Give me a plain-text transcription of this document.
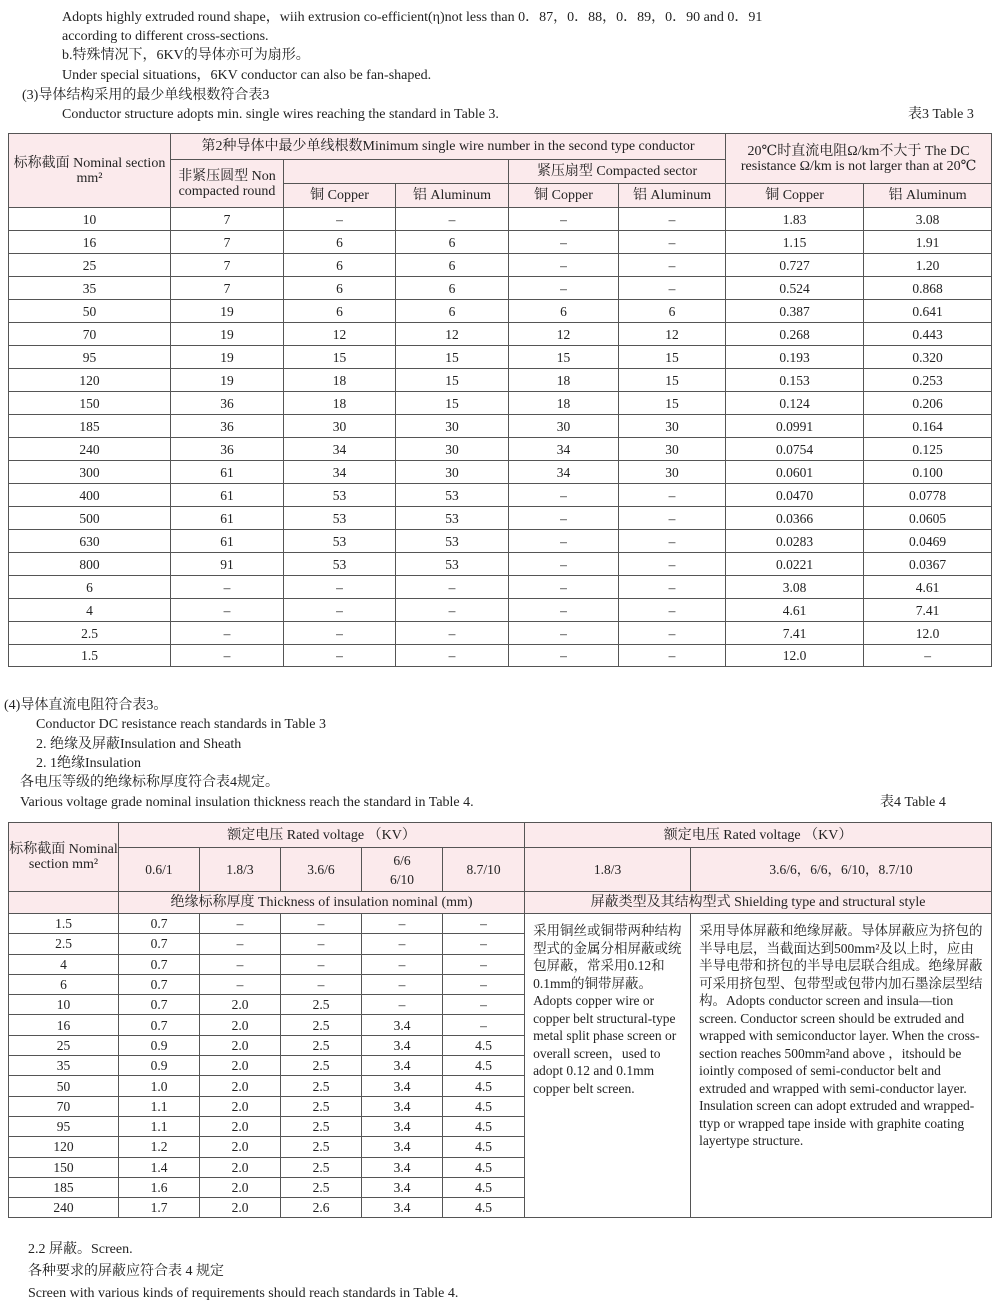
Adopts highly extruded round shape，wiih extrusion co-efficient(η)not less than 0．87，0．88，0．89，0．90 and 0．91
according to different cross-sections.
b.特殊情况下，6KV的导体亦可为扇形。
Under special situations，6KV conductor can also be fan-shaped.
(3)导体结构采用的最少单线根数符合表3
Conductor structure adopts min. single wires reaching the standard in Table 3.	表3 Table 3
标称截面 Nominal section mm²	第2种导体中最少单线根数Minimum single wire number in the second type conductor					20℃时直流电阻Ω/km不大于 The DC resistance Ω/km is not larger than at 20℃	
	非紧压圆型 Non compacted round			紧压扇型 Compacted sector			
		铜 Copper	铝 Aluminum	铜 Copper	铝 Aluminum	铜 Copper	铝 Aluminum
10	7	–	–	–	–	1.83	3.08
16	7	6	6	–	–	1.15	1.91
25	7	6	6	–	–	0.727	1.20
35	7	6	6	–	–	0.524	0.868
50	19	6	6	6	6	0.387	0.641
70	19	12	12	12	12	0.268	0.443
95	19	15	15	15	15	0.193	0.320
120	19	18	15	18	15	0.153	0.253
150	36	18	15	18	15	0.124	0.206
185	36	30	30	30	30	0.0991	0.164
240	36	34	30	34	30	0.0754	0.125
300	61	34	30	34	30	0.0601	0.100
400	61	53	53	–	–	0.0470	0.0778
500	61	53	53	–	–	0.0366	0.0605
630	61	53	53	–	–	0.0283	0.0469
800	91	53	53	–	–	0.0221	0.0367
6	–	–	–	–	–	3.08	4.61
4	–	–	–	–	–	4.61	7.41
2.5	–	–	–	–	–	7.41	12.0
1.5	–	–	–	–	–	12.0	–
(4)导体直流电阻符合表3。
Conductor DC resistance reach standards in Table 3
2. 绝缘及屏蔽Insulation and Sheath
2. 1绝缘Insulation
各电压等级的绝缘标称厚度符合表4规定。
Various voltage grade nominal insulation thickness reach the standard in Table 4.	表4 Table 4
标称截面 Nominal section mm²	额定电压 Rated voltage （KV）					额定电压 Rated voltage （KV）	
	0.6/1	1.8/3	3.6/6	6/6 6/10	8.7/10	1.8/3	3.6/6，6/6，6/10，8.7/10
	绝缘标称厚度 Thickness of insulation nominal (mm)					屏蔽类型及其结构型式 Shielding type and structural style	
1.5	0.7	–	–	–	–	采用铜丝或铜带两种结构型式的金属分相屏蔽或统包屏蔽，常采用0.12和 0.1mm的铜带屏蔽。Adopts copper wire or copper belt structural-type metal split phase screen or overall screen，used to adopt 0.12 and 0.1mm copper belt screen.	采用导体屏蔽和绝缘屏蔽。导体屏蔽应为挤包的半导电层，当截面达到500mm²及以上时，应由半导电带和挤包的半导电层联合组成。绝缘屏蔽可采用挤包型、包带型或包带内加石墨涂层型结构。Adopts conductor screen and insula—tion screen. Conductor screen should be extruded and wrapped with semiconductor layer. When the cross-section reaches 500mm²and above ，itshould be iointly composed of semi-conductor belt and extruded and wrapped with semi-conductor layer. Insulation screen can adopt extruded and wrapped-ttyp or wrapped tape inside with graphite coating layertype structure.
2.5	0.7	–	–	–	–		
4	0.7	–	–	–	–		
6	0.7	–	–	–	–		
10	0.7	2.0	2.5	–	–		
16	0.7	2.0	2.5	3.4	–		
25	0.9	2.0	2.5	3.4	4.5		
35	0.9	2.0	2.5	3.4	4.5		
50	1.0	2.0	2.5	3.4	4.5		
70	1.1	2.0	2.5	3.4	4.5		
95	1.1	2.0	2.5	3.4	4.5		
120	1.2	2.0	2.5	3.4	4.5		
150	1.4	2.0	2.5	3.4	4.5		
185	1.6	2.0	2.5	3.4	4.5		
240	1.7	2.0	2.6	3.4	4.5		
2.2 屏蔽。Screen.
各种要求的屏蔽应符合表 4 规定
Screen with various kinds of requirements should reach standards in Table 4.
